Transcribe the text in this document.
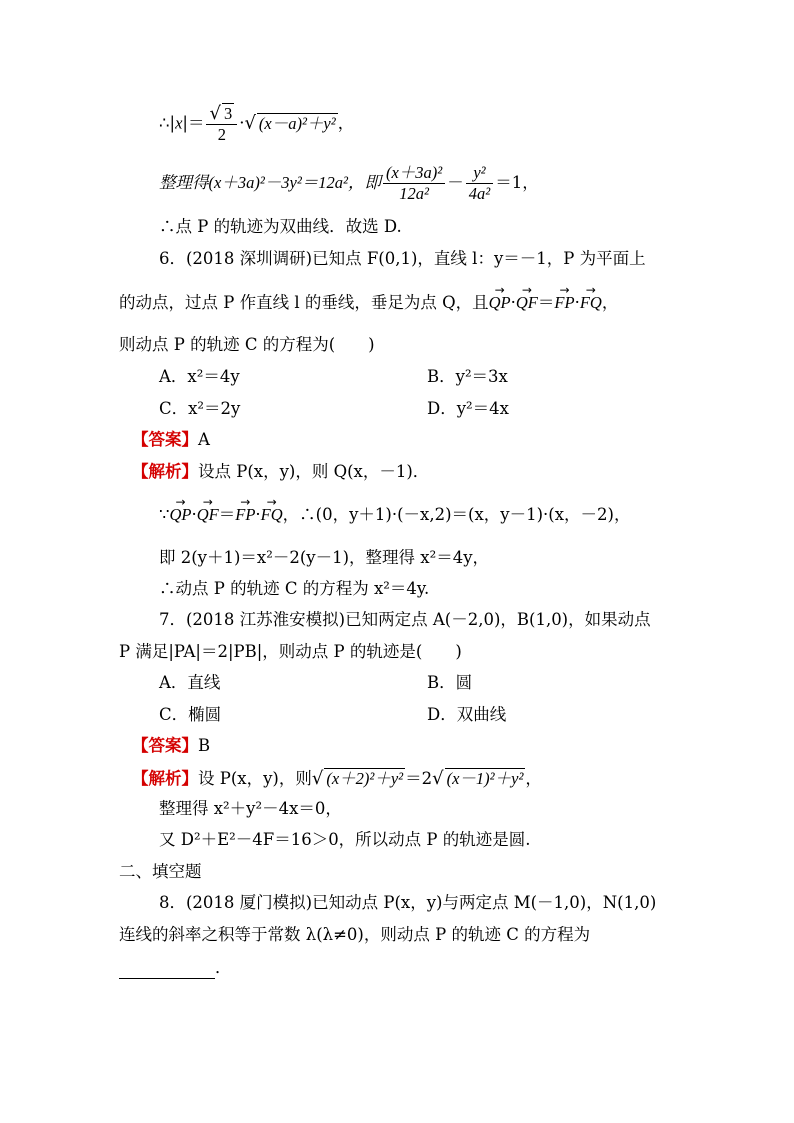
∴|x|＝ $\frac{√ 3}{2}$ ·√ (x－a)²＋y² ，
整理得(x＋3a)²－3y²＝12a²，即 $\frac{\text{(x＋3a)²}}{\text{12a²}} - \frac{\text{y²}}{\text{4a²}} =1$，
∴点 P 的轨迹为双曲线．故选 D.
6．(2018 深圳调研)已知点 F(0,1)，直线 l：y＝－1，P 为平面上
的动点，过点 P 作直线 l 的垂线，垂足为点 Q，且→ QP·→ QF＝→ FP·→ FQ，
则动点 P 的轨迹 C 的方程为(　　)
A．x²＝4y	B．y²＝3x
C．x²＝2y	D．y²＝4x
【答案】A
【解析】设点 P(x，y)，则 Q(x，－1)．
∵→ QP·→ QF＝→ FP·→ FQ，∴(0，y＋1)·(－x,2)＝(x，y－1)·(x，－2)，
即 2(y＋1)＝x²－2(y－1)，整理得 x²＝4y，
∴动点 P 的轨迹 C 的方程为 x²＝4y.
7．(2018 江苏淮安模拟)已知两定点 A(－2,0)，B(1,0)，如果动点
P 满足|PA|＝2|PB|，则动点 P 的轨迹是(　　)
A．直线	B．圆
C．椭圆	D．双曲线
【答案】B
【解析】设 P(x，y)，则√ (x＋2)²＋y² ＝2√ (x－1)²＋y² ，
整理得 x²＋y²－4x＝0，
又 D²＋E²－4F＝16＞0，所以动点 P 的轨迹是圆.
二、填空题
8．(2018 厦门模拟)已知动点 P(x，y)与两定点 M(－1,0)，N(1,0)
连线的斜率之积等于常数 λ(λ≠0)，则动点 P 的轨迹 C 的方程为
．
